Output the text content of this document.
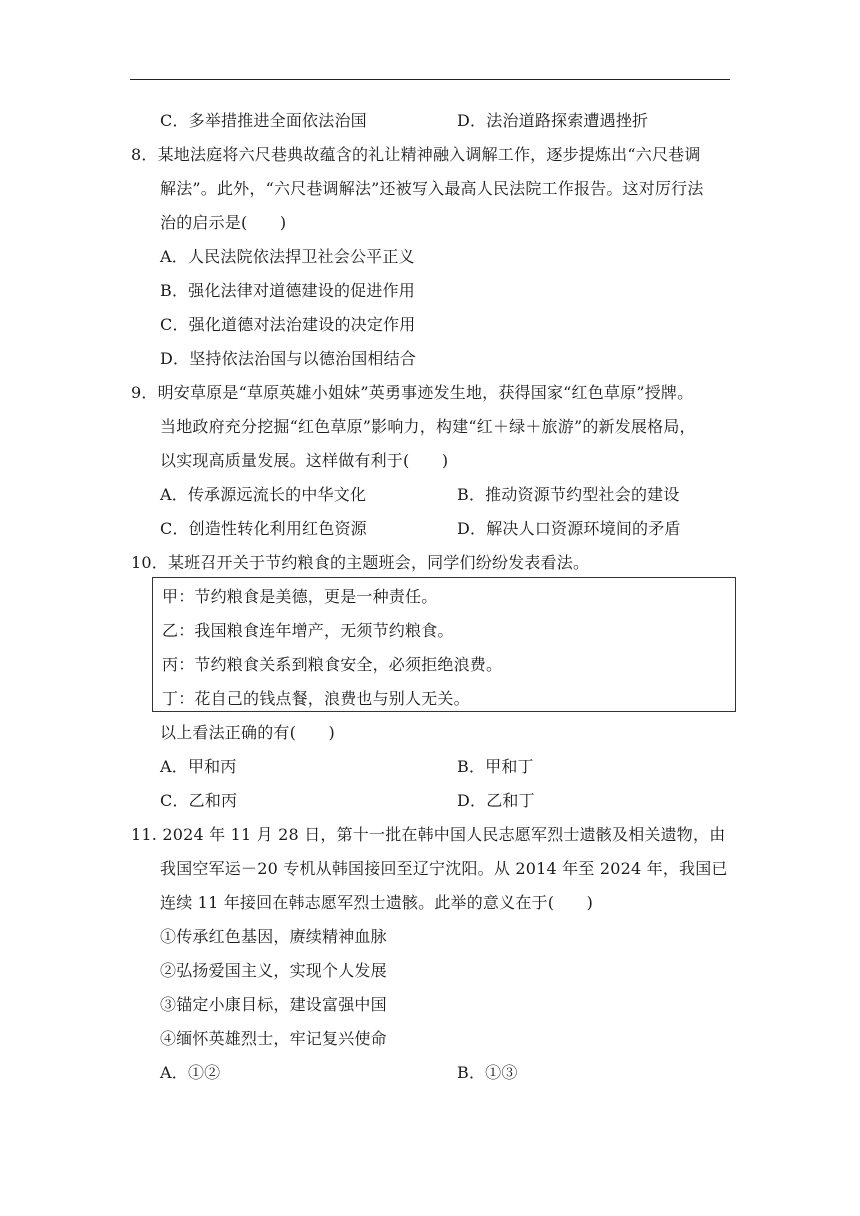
C．多举措推进全面依法治国	D．法治道路探索遭遇挫折
8．某地法庭将六尺巷典故蕴含的礼让精神融入调解工作，逐步提炼出“六尺巷调
解法”。此外，“六尺巷调解法”还被写入最高人民法院工作报告。这对厉行法
治的启示是(　　)
A．人民法院依法捍卫社会公平正义
B．强化法律对道德建设的促进作用
C．强化道德对法治建设的决定作用
D．坚持依法治国与以德治国相结合
9．明安草原是“草原英雄小姐妹”英勇事迹发生地，获得国家“红色草原”授牌。
当地政府充分挖掘“红色草原”影响力，构建“红＋绿＋旅游”的新发展格局，
以实现高质量发展。这样做有利于(　　)
A．传承源远流长的中华文化	B．推动资源节约型社会的建设
C．创造性转化利用红色资源	D．解决人口资源环境间的矛盾
10．某班召开关于节约粮食的主题班会，同学们纷纷发表看法。
甲：节约粮食是美德，更是一种责任。
乙：我国粮食连年增产，无须节约粮食。
丙：节约粮食关系到粮食安全，必须拒绝浪费。
丁：花自己的钱点餐，浪费也与别人无关。
以上看法正确的有(　　)
A．甲和丙	B．甲和丁
C．乙和丙	D．乙和丁
11. 2024 年 11 月 28 日，第十一批在韩中国人民志愿军烈士遗骸及相关遗物，由
我国空军运－20 专机从韩国接回至辽宁沈阳。从 2014 年至 2024 年，我国已
连续 11 年接回在韩志愿军烈士遗骸。此举的意义在于(　　)
①传承红色基因，赓续精神血脉
②弘扬爱国主义，实现个人发展
③锚定小康目标，建设富强中国
④缅怀英雄烈士，牢记复兴使命
A．①②	B．①③
